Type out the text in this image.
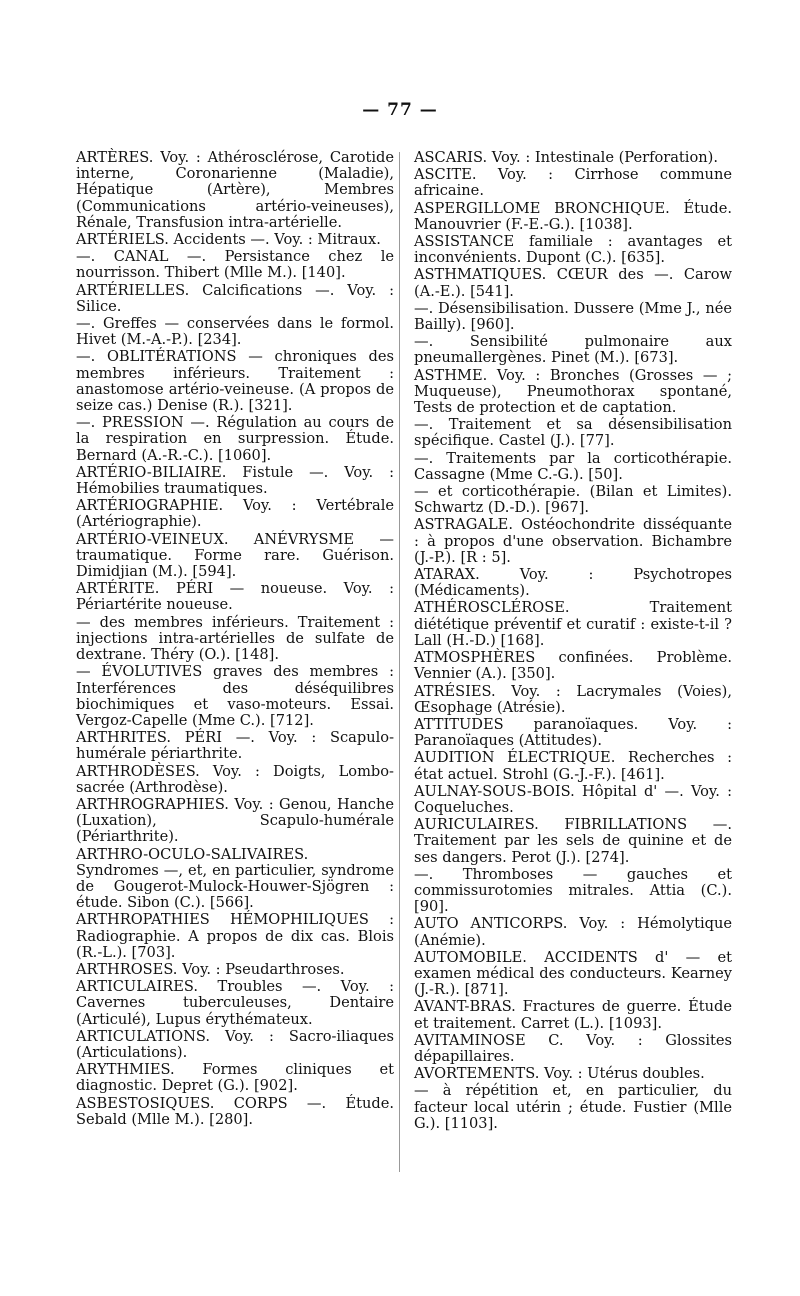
— 77 —

ARTÈRES. Voy. : Athérosclérose, Carotide interne, Coronarienne (Maladie), Hépatique (Artère), Membres (Communications artério-veineuses), Rénale, Transfusion intra-artérielle.

ARTÉRIELS. Accidents —. Voy. : Mitraux.

—. CANAL —. Persistance chez le nourrisson. Thibert (Mlle M.). [140].

ARTÉRIELLES. Calcifications —. Voy. : Silice.

—. Greffes — conservées dans le formol. Hivet (M.-A.-P.). [234].

—. OBLITÉRATIONS — chroniques des membres inférieurs. Traitement : anastomose artério-veineuse. (A propos de seize cas.) Denise (R.). [321].

—. PRESSION —. Régulation au cours de la respiration en surpression. Étude. Bernard (A.-R.-C.). [1060].

ARTÉRIO-BILIAIRE. Fistule —. Voy. : Hémobilies traumatiques.

ARTÉRIOGRAPHIE. Voy. : Vertébrale (Artériographie).

ARTÉRIO-VEINEUX. ANÉVRYSME — traumatique. Forme rare. Guérison. Dimidjian (M.). [594].

ARTÉRITE. PÉRI — noueuse. Voy. : Périartérite noueuse.

— des membres inférieurs. Traitement : injections intra-artérielles de sulfate de dextrane. Théry (O.). [148].

— ÉVOLUTIVES graves des membres : Interférences des déséquilibres biochimiques et vaso-moteurs. Essai. Vergoz-Capelle (Mme C.). [712].

ARTHRITES. PÉRI —. Voy. : Scapulo-humérale périarthrite.

ARTHRODÈSES. Voy. : Doigts, Lombo-sacrée (Arthrodèse).

ARTHROGRAPHIES. Voy. : Genou, Hanche (Luxation), Scapulo-humérale (Périarthrite).

ARTHRO-OCULO-SALIVAIRES. Syndromes —, et, en particulier, syndrome de Gougerot-Mulock-Houwer-Sjögren : étude. Sibon (C.). [566].

ARTHROPATHIES HÉMOPHILIQUES : Radiographie. A propos de dix cas. Blois (R.-L.). [703].

ARTHROSES. Voy. : Pseudarthroses.

ARTICULAIRES. Troubles —. Voy. : Cavernes tuberculeuses, Dentaire (Articulé), Lupus érythémateux.

ARTICULATIONS. Voy. : Sacro-iliaques (Articulations).

ARYTHMIES. Formes cliniques et diagnostic. Depret (G.). [902].

ASBESTOSIQUES. CORPS —. Étude. Sebald (Mlle M.). [280].

ASCARIS. Voy. : Intestinale (Perforation).

ASCITE. Voy. : Cirrhose commune africaine.

ASPERGILLOME BRONCHIQUE. Étude. Manouvrier (F.-E.-G.). [1038].

ASSISTANCE familiale : avantages et inconvénients. Dupont (C.). [635].

ASTHMATIQUES. CŒUR des —. Carow (A.-E.). [541].

—. Désensibilisation. Dussere (Mme J., née Bailly). [960].

—. Sensibilité pulmonaire aux pneumallergènes. Pinet (M.). [673].

ASTHME. Voy. : Bronches (Grosses — ; Muqueuse), Pneumothorax spontané, Tests de protection et de captation.

—. Traitement et sa désensibilisation spécifique. Castel (J.). [77].

—. Traitements par la corticothérapie. Cassagne (Mme C.-G.). [50].

— et corticothérapie. (Bilan et Limites). Schwartz (D.-D.). [967].

ASTRAGALE. Ostéochondrite disséquante : à propos d'une observation. Bichambre (J.-P.). [R : 5].

ATARAX. Voy. : Psychotropes (Médicaments).

ATHÉROSCLÉROSE. Traitement diététique préventif et curatif : existe-t-il ? Lall (H.-D.) [168].

ATMOSPHÈRES confinées. Problème. Vennier (A.). [350].

ATRÉSIES. Voy. : Lacrymales (Voies), Œsophage (Atrésie).

ATTITUDES paranoïaques. Voy. : Paranoïaques (Attitudes).

AUDITION ÉLECTRIQUE. Recherches : état actuel. Strohl (G.-J.-F.). [461].

AULNAY-SOUS-BOIS. Hôpital d' —. Voy. : Coqueluches.

AURICULAIRES. FIBRILLATIONS —. Traitement par les sels de quinine et de ses dangers. Perot (J.). [274].

—. Thromboses — gauches et commissurotomies mitrales. Attia (C.). [90].

AUTO ANTICORPS. Voy. : Hémolytique (Anémie).

AUTOMOBILE. ACCIDENTS d' — et examen médical des conducteurs. Kearney (J.-R.). [871].

AVANT-BRAS. Fractures de guerre. Étude et traitement. Carret (L.). [1093].

AVITAMINOSE C. Voy. : Glossites dépapillaires.

AVORTEMENTS. Voy. : Utérus doubles.

— à répétition et, en particulier, du facteur local utérin ; étude. Fustier (Mlle G.). [1103].
